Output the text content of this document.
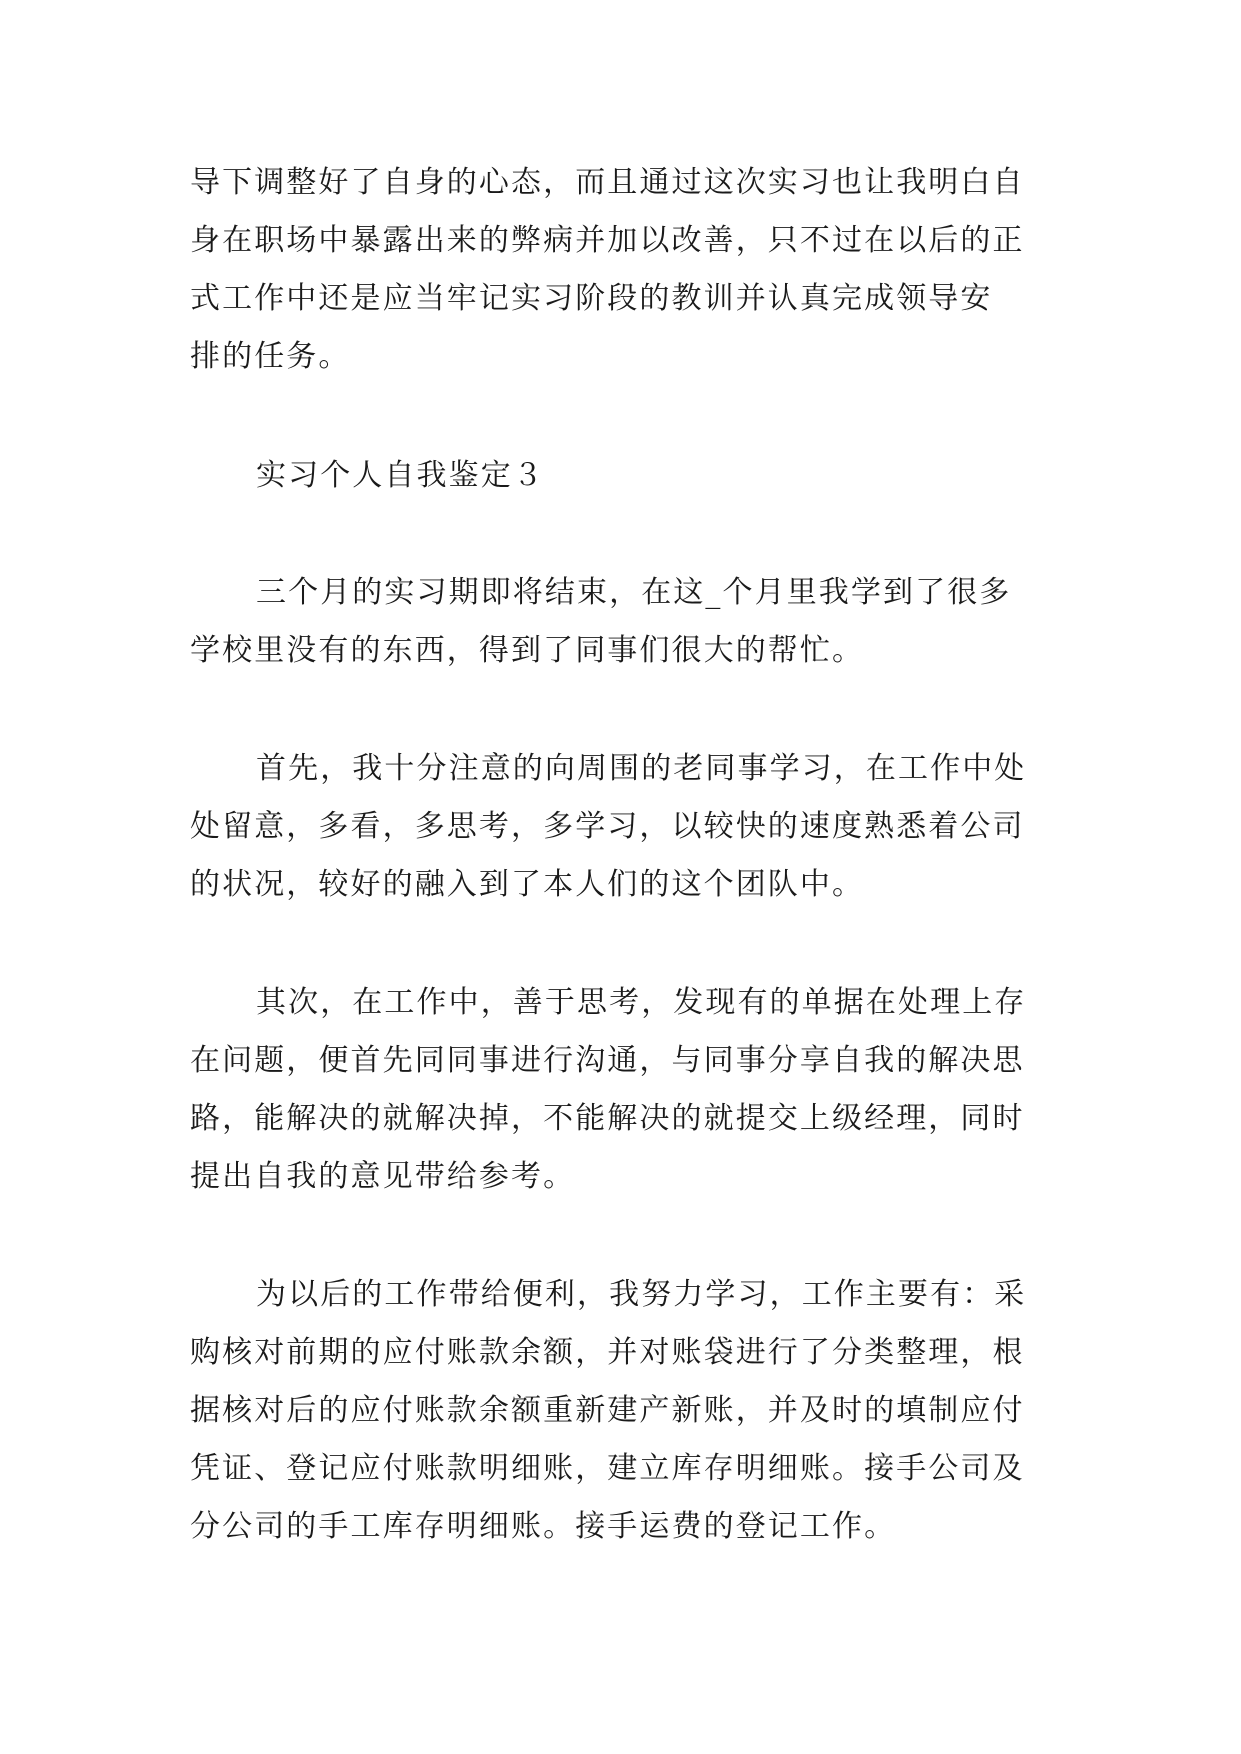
导下调整好了自身的心态，而且通过这次实习也让我明白自
身在职场中暴露出来的弊病并加以改善，只不过在以后的正
式工作中还是应当牢记实习阶段的教训并认真完成领导安
排的任务。
实习个人自我鉴定３
三个月的实习期即将结束，在这_个月里我学到了很多
学校里没有的东西，得到了同事们很大的帮忙。
首先，我十分注意的向周围的老同事学习，在工作中处
处留意，多看，多思考，多学习，以较快的速度熟悉着公司
的状况，较好的融入到了本人们的这个团队中。
其次，在工作中，善于思考，发现有的单据在处理上存
在问题，便首先同同事进行沟通，与同事分享自我的解决思
路，能解决的就解决掉，不能解决的就提交上级经理，同时
提出自我的意见带给参考。
为以后的工作带给便利，我努力学习，工作主要有：采
购核对前期的应付账款余额，并对账袋进行了分类整理，根
据核对后的应付账款余额重新建产新账，并及时的填制应付
凭证、登记应付账款明细账，建立库存明细账。接手公司及
分公司的手工库存明细账。接手运费的登记工作。
